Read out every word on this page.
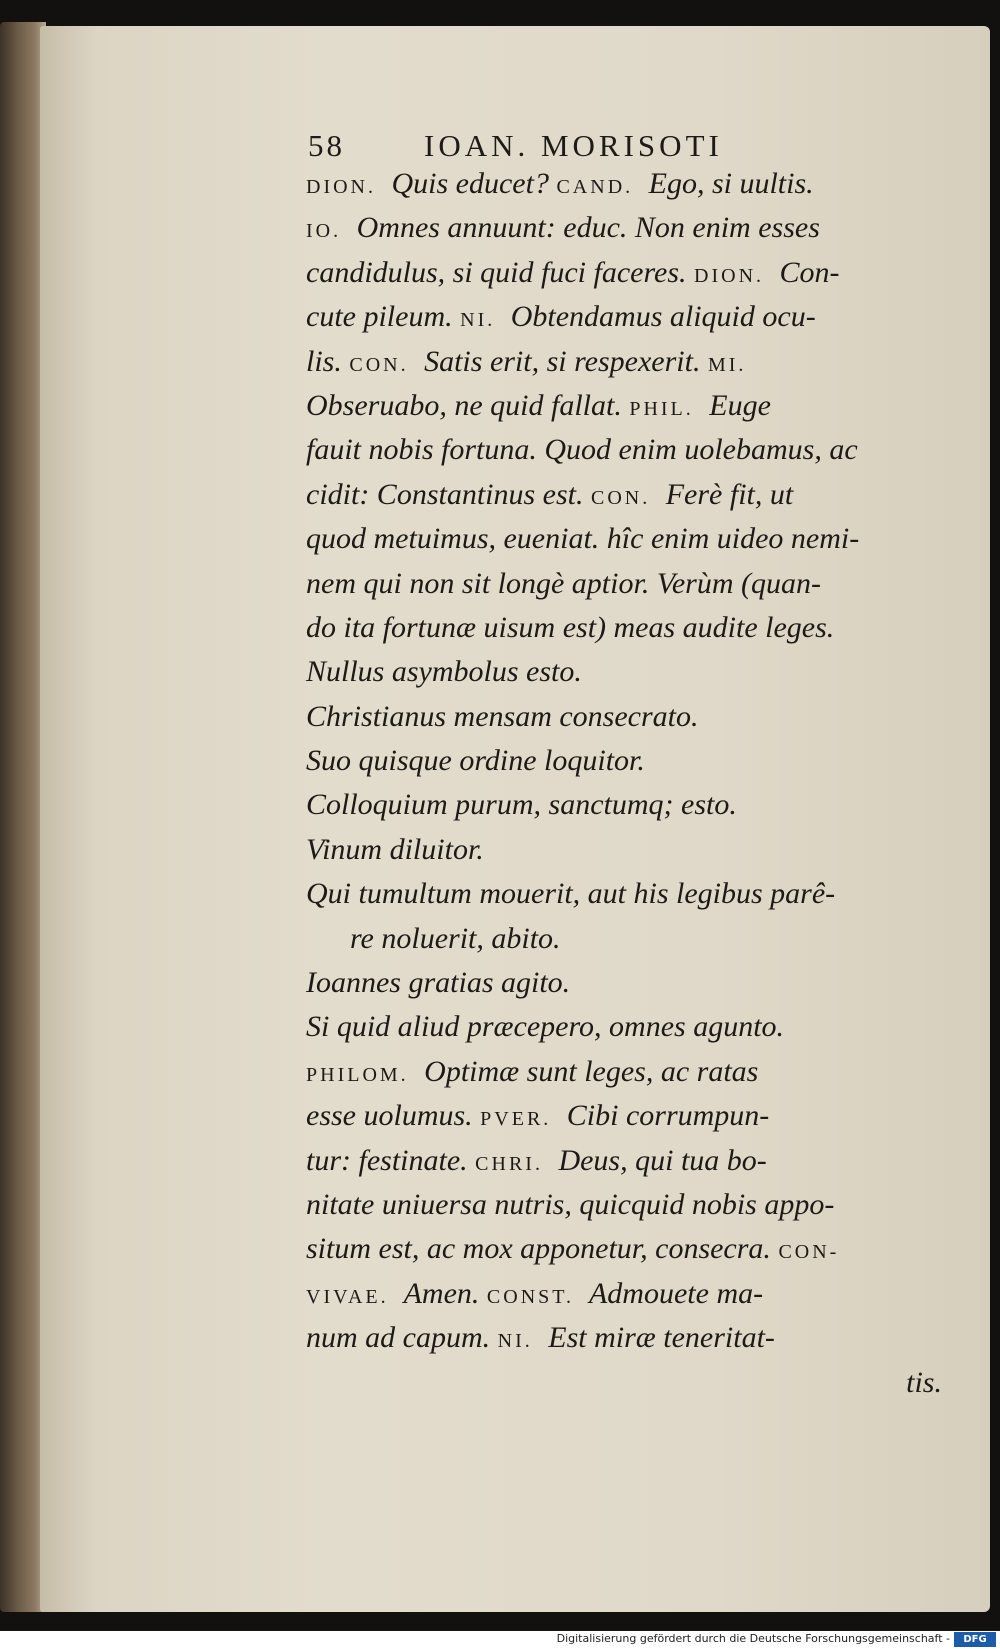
58	IOAN. MORISOTI
DION. Quis educet? CAND. Ego, si uultis.
IO. Omnes annuunt: educ. Non enim esses
candidulus, si quid fuci faceres. DION. Con-
cute pileum. NI. Obtendamus aliquid ocu-
lis. CON. Satis erit, si respexerit. MI.
Obseruabo, ne quid fallat. PHIL. Euge
fauit nobis fortuna. Quod enim uolebamus, ac
cidit: Constantinus est. CON. Ferè fit, ut
quod metuimus, eueniat. hîc enim uideo nemi-
nem qui non sit longè aptior. Verùm (quan-
do ita fortunæ uisum est) meas audite leges.
Nullus asymbolus esto.
Christianus mensam consecrato.
Suo quisque ordine loquitor.
Colloquium purum, sanctumq; esto.
Vinum diluitor.
Qui tumultum mouerit, aut his legibus parê-
re noluerit, abito.
Ioannes gratias agito.
Si quid aliud præcepero, omnes agunto.
PHILOM. Optimæ sunt leges, ac ratas
esse uolumus. PVER. Cibi corrumpun-
tur: festinate. CHRI. Deus, qui tua bo-
nitate uniuersa nutris, quicquid nobis appo-
situm est, ac mox apponetur, consecra. CON-
VIVAE. Amen. CONST. Admouete ma-
num ad capum. NI. Est miræ teneritat-
tis.
Digitalisierung gefördert durch die Deutsche Forschungsgemeinschaft -	DFG
